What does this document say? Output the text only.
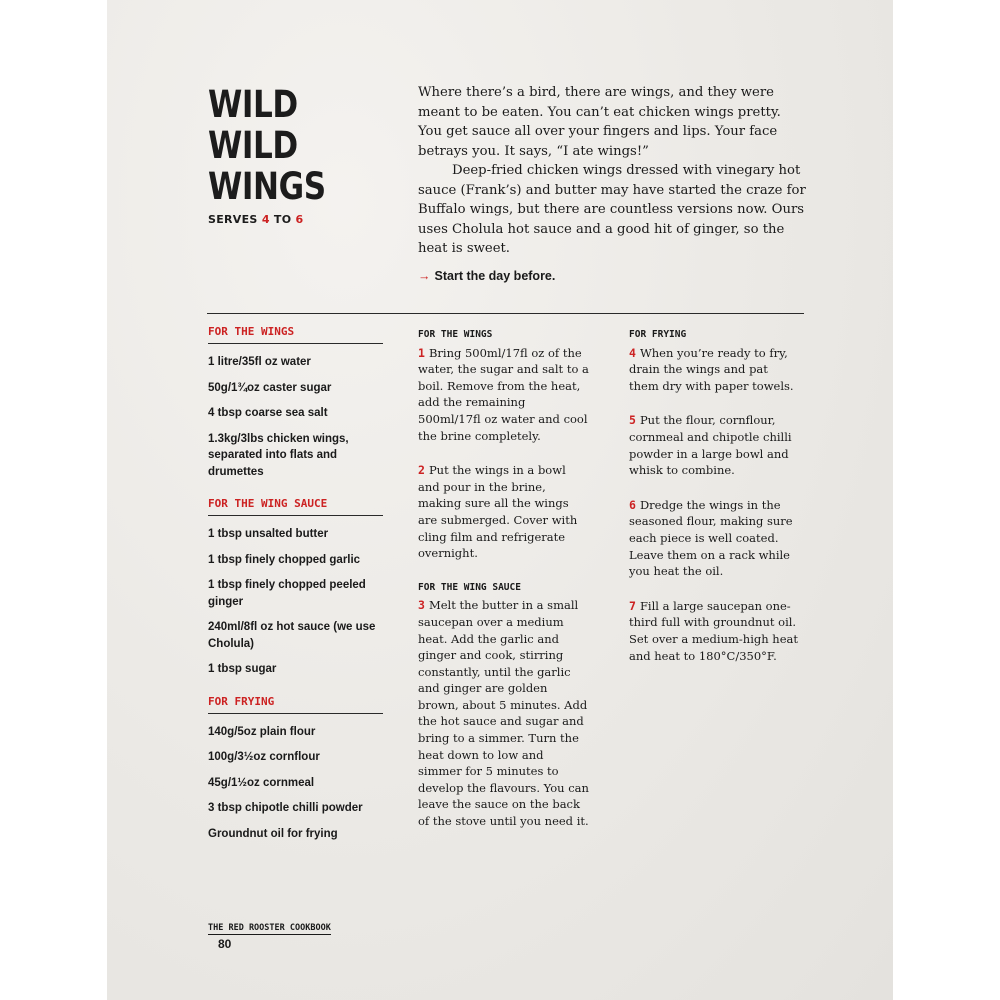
WILD
WILD
WINGS
SERVES 4 TO 6

Where there’s a bird, there are wings, and they were meant to be eaten. You can’t eat chicken wings pretty. You get sauce all over your fingers and lips. Your face betrays you. It says, “I ate wings!”

Deep-fried chicken wings dressed with vinegary hot sauce (Frank’s) and butter may have started the craze for Buffalo wings, but there are countless versions now. Ours uses Cholula hot sauce and a good hit of ginger, so the heat is sweet.

→ Start the day before.
FOR THE WINGS
1 litre/35fl oz water
50g/1¾oz caster sugar
4 tbsp coarse sea salt
1.3kg/3lbs chicken wings, separated into flats and drumettes
FOR THE WING SAUCE
1 tbsp unsalted butter
1 tbsp finely chopped garlic
1 tbsp finely chopped peeled ginger
240ml/8fl oz hot sauce (we use Cholula)
1 tbsp sugar
FOR FRYING
140g/5oz plain flour
100g/3½oz cornflour
45g/1½oz cornmeal
3 tbsp chipotle chilli powder
Groundnut oil for frying
FOR THE WINGS

1 Bring 500ml/17fl oz of the water, the sugar and salt to a boil. Remove from the heat, add the remaining 500ml/17fl oz water and cool the brine completely.

2 Put the wings in a bowl and pour in the brine, making sure all the wings are submerged. Cover with cling film and refrigerate overnight.

FOR THE WING SAUCE

3 Melt the butter in a small saucepan over a medium heat. Add the garlic and ginger and cook, stirring constantly, until the garlic and ginger are golden brown, about 5 minutes. Add the hot sauce and sugar and bring to a simmer. Turn the heat down to low and simmer for 5 minutes to develop the flavours. You can leave the sauce on the back of the stove until you need it.

FOR FRYING

4 When you’re ready to fry, drain the wings and pat them dry with paper towels.

5 Put the flour, cornflour, cornmeal and chipotle chilli powder in a large bowl and whisk to combine.

6 Dredge the wings in the seasoned flour, making sure each piece is well coated. Leave them on a rack while you heat the oil.

7 Fill a large saucepan one-third full with groundnut oil. Set over a medium-high heat and heat to 180°C/350°F.

THE RED ROOSTER COOKBOOK
80
